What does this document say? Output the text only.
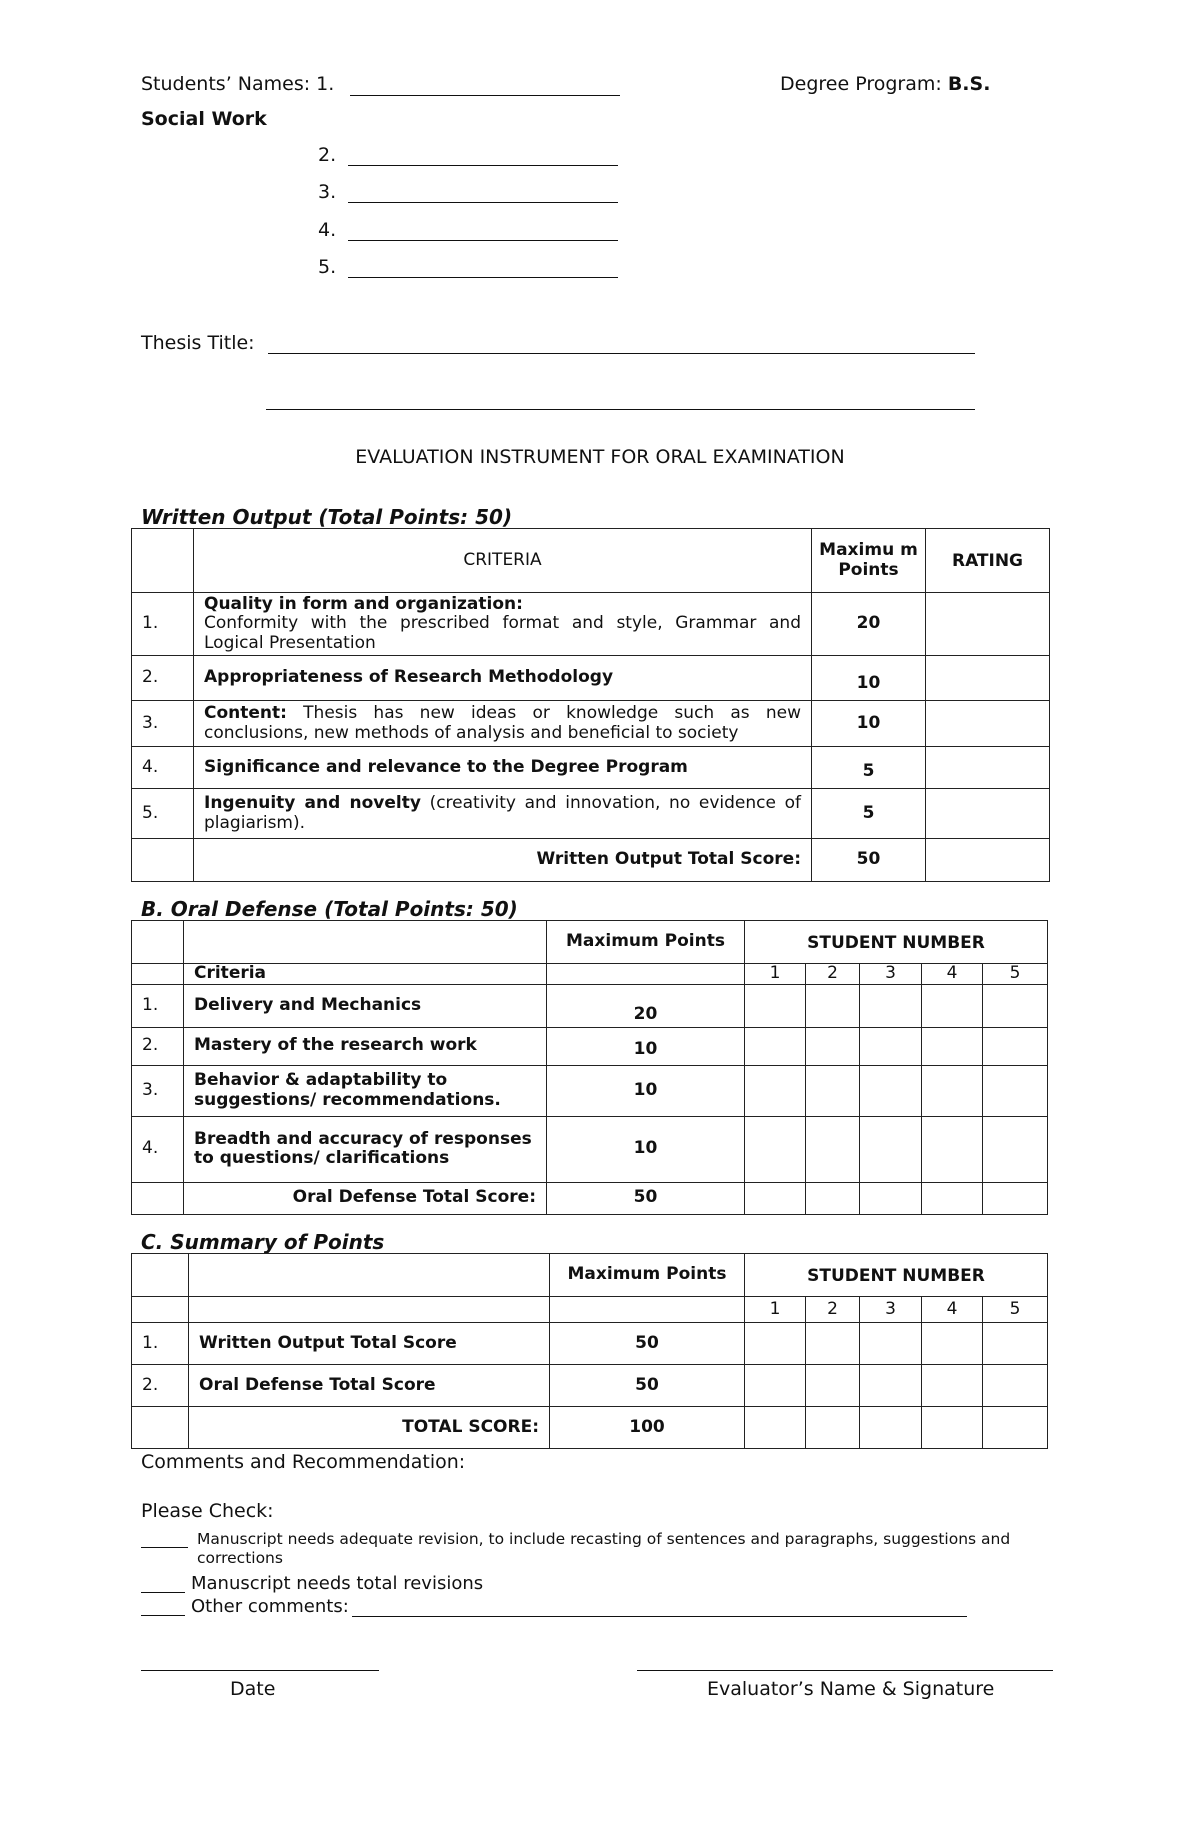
Students’ Names: 1.	Degree Program: B.S.
Social Work
2.
3.
4.
5.
Thesis Title:
EVALUATION INSTRUMENT FOR ORAL EXAMINATION
Written Output (Total Points: 50)
	CRITERIA	Maximu m Points	RATING
1.	Quality in form and organization:
Conformity with the prescribed format and style, Grammar and Logical Presentation	20	
2.	Appropriateness of Research Methodology	10	
3.	Content: Thesis has new ideas or knowledge such as new conclusions, new methods of analysis and beneficial to society	10	
4.	Significance and relevance to the Degree Program	5	
5.	Ingenuity and novelty (creativity and innovation, no evidence of plagiarism).	5	
	Written Output Total Score:	50	
B. Oral Defense (Total Points: 50)
		Maximum Points	STUDENT NUMBER				
	Criteria		1	2	3	4	5
1.	Delivery and Mechanics	20					
2.	Mastery of the research work	10					
3.	Behavior & adaptability to suggestions/ recommendations.	10					
4.	Breadth and accuracy of responses to questions/ clarifications	10					
	Oral Defense Total Score:	50					
C. Summary of Points
		Maximum Points	STUDENT NUMBER				
			1	2	3	4	5
1.	Written Output Total Score	50					
2.	Oral Defense Total Score	50					
	TOTAL SCORE:	100					
Comments and Recommendation:
Please Check:
Manuscript needs adequate revision, to include recasting of sentences and paragraphs, suggestions and corrections
Manuscript needs total revisions
Other comments:
Date	Evaluator’s Name & Signature
